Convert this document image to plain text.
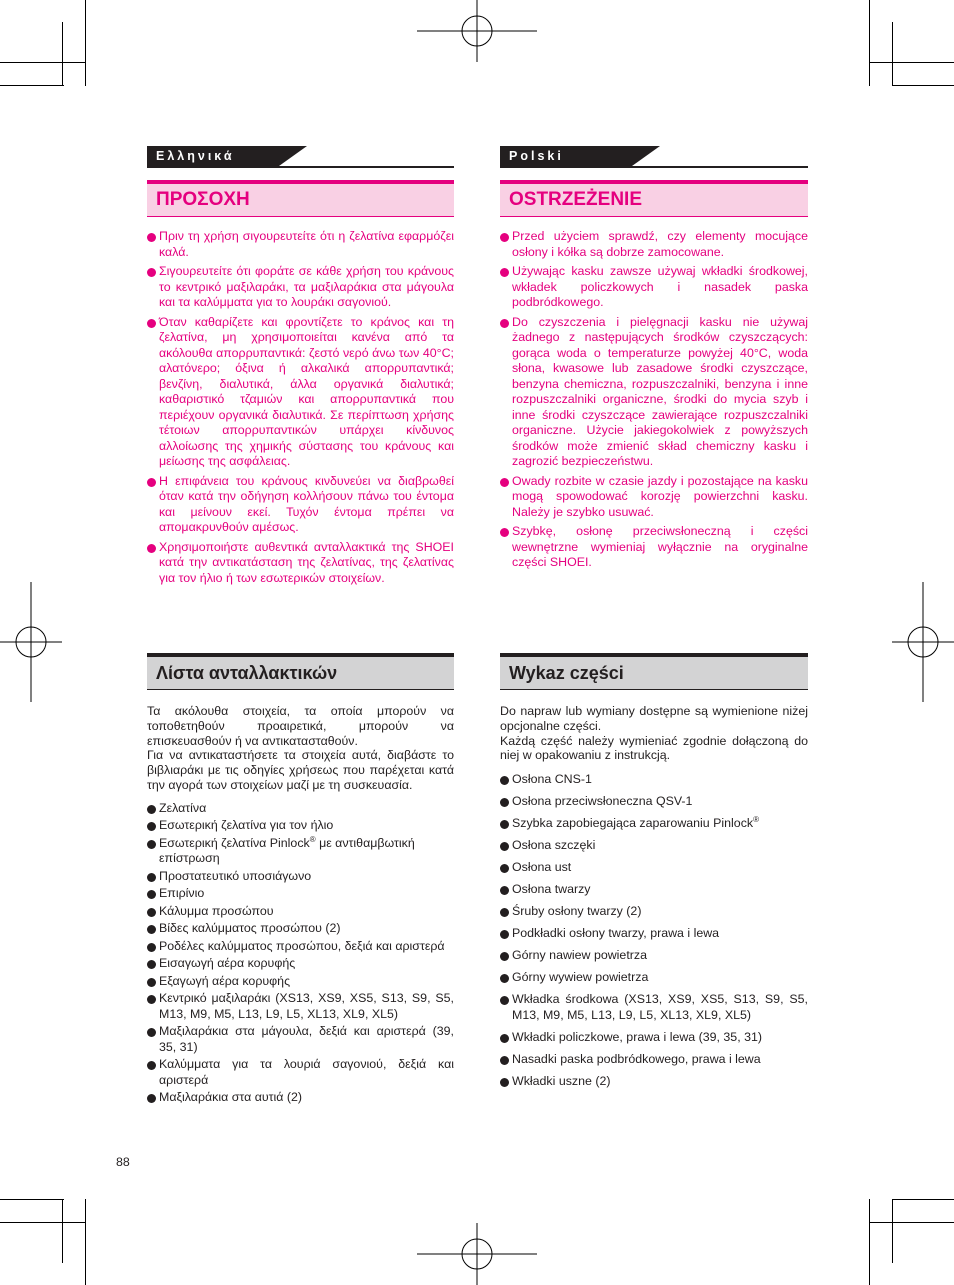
Ελληνικά
ΠΡΟΣΟΧΗ
Πριν τη χρήση σιγουρευτείτε ότι η ζελατίνα εφαρμόζει καλά.
Σιγουρευτείτε ότι φοράτε σε κάθε χρήση του κράνους το κεντρικό μαξιλαράκι, τα μαξιλαράκια στα μάγουλα και τα καλύμματα για το λουράκι σαγονιού.
Όταν καθαρίζετε και φροντίζετε το κράνος και τη ζελατίνα, μη χρησιμοποιείται κανένα από τα ακόλουθα απορρυπαντικά: ζεστό νερό άνω των 40°C; αλατόνερο; όξινα ή αλκαλικά απορρυπαντικά; βενζίνη, διαλυτικά, άλλα οργανικά διαλυτικά; καθαριστικό τζαμιών και απορρυπαντικά που περιέχουν οργανικά διαλυτικά. Σε περίπτωση χρήσης τέτοιων απορρυπαντικών υπάρχει κίνδυνος αλλοίωσης της χημικής σύστασης του κράνους και μείωσης της ασφάλειας.
Η επιφάνεια του κράνους κινδυνεύει να διαβρωθεί όταν κατά την οδήγηση κολλήσουν πάνω του έντομα και μείνουν εκεί. Τυχόν έντομα πρέπει να απομακρυνθούν αμέσως.
Χρησιμοποιήστε αυθεντικά ανταλλακτικά της SHOEI κατά την αντικατάσταση της ζελατίνας, της ζελατίνας για τον ήλιο ή των εσωτερικών στοιχείων.
Λίστα ανταλλακτικών

Τα ακόλουθα στοιχεία, τα οποία μπορούν να τοποθετηθούν προαιρετικά, μπορούν να επισκευασθούν ή να αντικατασταθούν.

Για να αντικαταστήσετε τα στοιχεία αυτά, διαβάστε το βιβλιαράκι με τις οδηγίες χρήσεως που παρέχεται κατά την αγορά των στοιχείων μαζί με τη συσκευασία.

Ζελατίνα
Εσωτερική ζελατίνα για τον ήλιο
Εσωτερική ζελατίνα Pinlock® με αντιθαμβωτική επίστρωση
Προστατευτικό υποσιάγωνο
Επιρίνιο
Κάλυμμα προσώπου
Βίδες καλύμματος προσώπου (2)
Ροδέλες καλύμματος προσώπου, δεξιά και αριστερά
Εισαγωγή αέρα κορυφής
Εξαγωγή αέρα κορυφής
Κεντρικό μαξιλαράκι (XS13, XS9, XS5, S13, S9, S5, M13, M9, M5, L13, L9, L5, XL13, XL9, XL5)
Μαξιλαράκια στα μάγουλα, δεξιά και αριστερά (39, 35, 31)
Καλύμματα για τα λουριά σαγονιού, δεξιά και αριστερά
Μαξιλαράκια στα αυτιά (2)
Polski
OSTRZEŻENIE
Przed użyciem sprawdź, czy elementy mocujące osłony i kółka są dobrze zamocowane.
Używając kasku zawsze używaj wkładki środkowej, wkładek policzkowych i nasadek paska podbródkowego.
Do czyszczenia i pielęgnacji kasku nie używaj żadnego z następujących środków czyszczących: gorąca woda o temperaturze powyżej 40°C, woda słona, kwasowe lub zasadowe środki czyszczące, benzyna chemiczna, rozpuszczalniki, benzyna i inne rozpuszczalniki organiczne, środki do mycia szyb i inne środki czyszczące zawierające rozpuszczalniki organiczne. Użycie jakiegokolwiek z powyższych środków może zmienić skład chemiczny kasku i zagrozić bezpieczeństwu.
Owady rozbite w czasie jazdy i pozostające na kasku mogą spowodować korozję powierzchni kasku. Należy je szybko usuwać.
Szybkę, osłonę przeciwsłoneczną i części wewnętrzne wymieniaj wyłącznie na oryginalne części SHOEI.
Wykaz części

Do napraw lub wymiany dostępne są wymienione niżej opcjonalne części.

Każdą część należy wymieniać zgodnie dołączoną do niej w opakowaniu z instrukcją.

Osłona CNS-1
Osłona przeciwsłoneczna QSV-1
Szybka zapobiegająca zaparowaniu Pinlock®
Osłona szczęki
Osłona ust
Osłona twarzy
Śruby osłony twarzy (2)
Podkładki osłony twarzy, prawa i lewa
Górny nawiew powietrza
Górny wywiew powietrza
Wkładka środkowa (XS13, XS9, XS5, S13, S9, S5, M13, M9, M5, L13, L9, L5, XL13, XL9, XL5)
Wkładki policzkowe, prawa i lewa (39, 35, 31)
Nasadki paska podbródkowego, prawa i lewa
Wkładki uszne (2)
88
